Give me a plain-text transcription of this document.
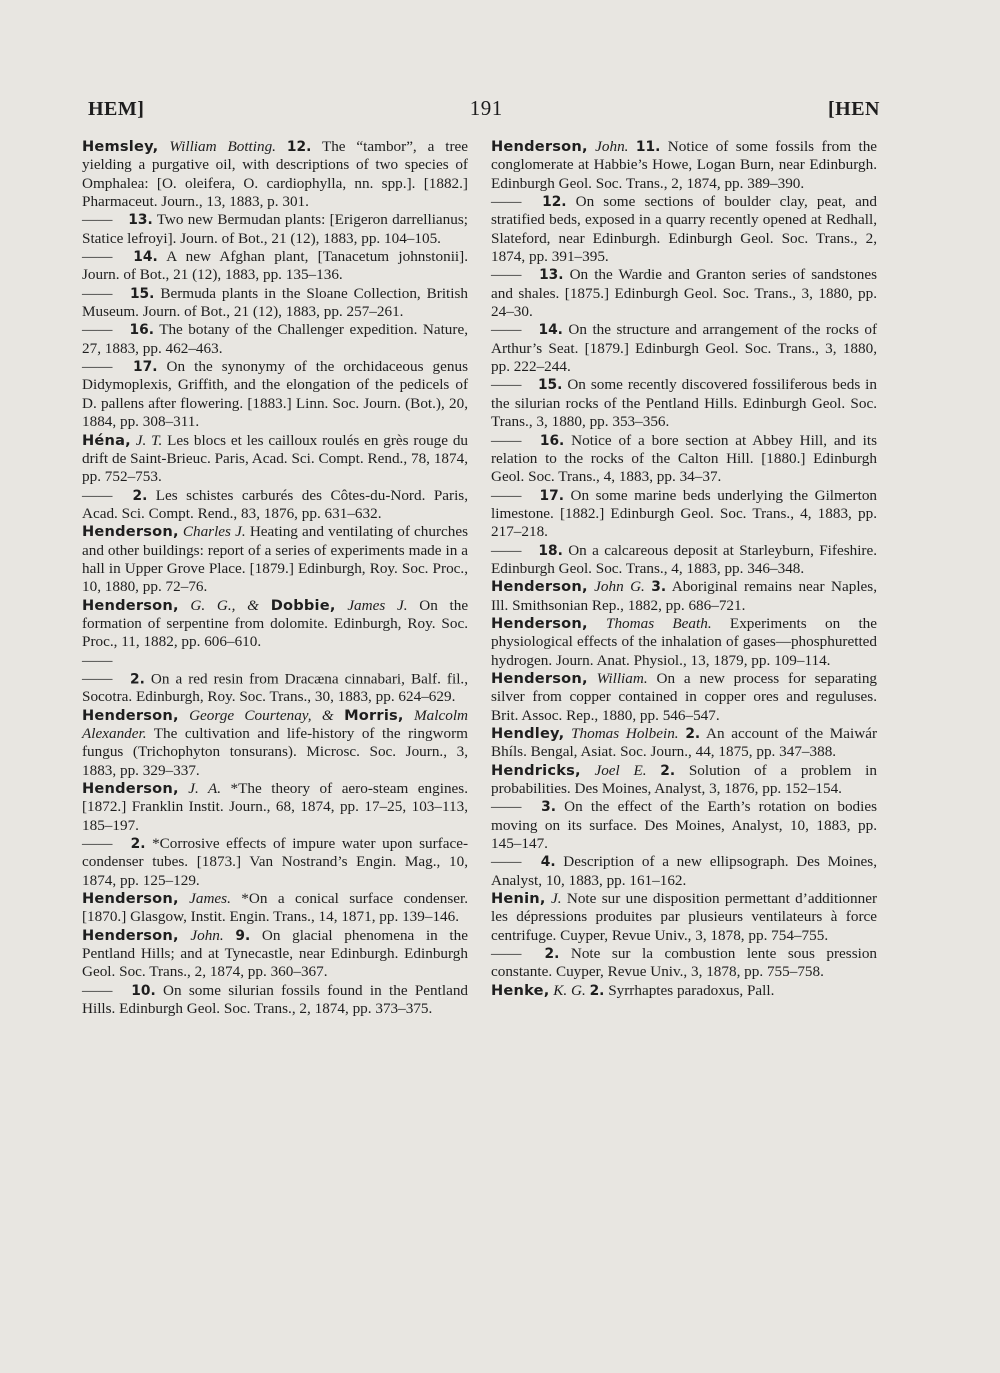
HEM]	191	[HEN

Hemsley, William Botting. 12. The “tambor”, a tree yielding a purgative oil, with descriptions of two species of Omphalea: [O. oleifera, O. cardiophylla, nn. spp.]. [1882.] Pharmaceut. Journ., 13, 1883, p. 301.

—— 13. Two new Bermudan plants: [Erigeron darrellianus; Statice lefroyi]. Journ. of Bot., 21 (12), 1883, pp. 104–105.

—— 14. A new Afghan plant, [Tanacetum johnstonii]. Journ. of Bot., 21 (12), 1883, pp. 135–136.

—— 15. Bermuda plants in the Sloane Collection, British Museum. Journ. of Bot., 21 (12), 1883, pp. 257–261.

—— 16. The botany of the Challenger expedition. Nature, 27, 1883, pp. 462–463.

—— 17. On the synonymy of the orchidaceous genus Didymoplexis, Griffith, and the elongation of the pedicels of D. pallens after flowering. [1883.] Linn. Soc. Journ. (Bot.), 20, 1884, pp. 308–311.

Héna, J. T. Les blocs et les cailloux roulés en grès rouge du drift de Saint-Brieuc. Paris, Acad. Sci. Compt. Rend., 78, 1874, pp. 752–753.

—— 2. Les schistes carburés des Côtes-du-Nord. Paris, Acad. Sci. Compt. Rend., 83, 1876, pp. 631–632.

Henderson, Charles J. Heating and ventilating of churches and other buildings: report of a series of experiments made in a hall in Upper Grove Place. [1879.] Edinburgh, Roy. Soc. Proc., 10, 1880, pp. 72–76.

Henderson, G. G., & Dobbie, James J. On the formation of serpentine from dolomite. Edinburgh, Roy. Soc. Proc., 11, 1882, pp. 606–610.

—— —— 2. On a red resin from Dracæna cinnabari, Balf. fil., Socotra. Edinburgh, Roy. Soc. Trans., 30, 1883, pp. 624–629.

Henderson, George Courtenay, & Morris, Malcolm Alexander. The cultivation and life-history of the ringworm fungus (Trichophyton tonsurans). Microsc. Soc. Journ., 3, 1883, pp. 329–337.

Henderson, J. A. *The theory of aero-steam engines. [1872.] Franklin Instit. Journ., 68, 1874, pp. 17–25, 103–113, 185–197.

—— 2. *Corrosive effects of impure water upon surface-condenser tubes. [1873.] Van Nostrand’s Engin. Mag., 10, 1874, pp. 125–129.

Henderson, James. *On a conical surface condenser. [1870.] Glasgow, Instit. Engin. Trans., 14, 1871, pp. 139–146.

Henderson, John. 9. On glacial phenomena in the Pentland Hills; and at Tynecastle, near Edinburgh. Edinburgh Geol. Soc. Trans., 2, 1874, pp. 360–367.

—— 10. On some silurian fossils found in the Pentland Hills. Edinburgh Geol. Soc. Trans., 2, 1874, pp. 373–375.

Henderson, John. 11. Notice of some fossils from the conglomerate at Habbie’s Howe, Logan Burn, near Edinburgh. Edinburgh Geol. Soc. Trans., 2, 1874, pp. 389–390.

—— 12. On some sections of boulder clay, peat, and stratified beds, exposed in a quarry recently opened at Redhall, Slateford, near Edinburgh. Edinburgh Geol. Soc. Trans., 2, 1874, pp. 391–395.

—— 13. On the Wardie and Granton series of sandstones and shales. [1875.] Edinburgh Geol. Soc. Trans., 3, 1880, pp. 24–30.

—— 14. On the structure and arrangement of the rocks of Arthur’s Seat. [1879.] Edinburgh Geol. Soc. Trans., 3, 1880, pp. 222–244.

—— 15. On some recently discovered fossiliferous beds in the silurian rocks of the Pentland Hills. Edinburgh Geol. Soc. Trans., 3, 1880, pp. 353–356.

—— 16. Notice of a bore section at Abbey Hill, and its relation to the rocks of the Calton Hill. [1880.] Edinburgh Geol. Soc. Trans., 4, 1883, pp. 34–37.

—— 17. On some marine beds underlying the Gilmerton limestone. [1882.] Edinburgh Geol. Soc. Trans., 4, 1883, pp. 217–218.

—— 18. On a calcareous deposit at Starleyburn, Fifeshire. Edinburgh Geol. Soc. Trans., 4, 1883, pp. 346–348.

Henderson, John G. 3. Aboriginal remains near Naples, Ill. Smithsonian Rep., 1882, pp. 686–721.

Henderson, Thomas Beath. Experiments on the physiological effects of the inhalation of gases—phosphuretted hydrogen. Journ. Anat. Physiol., 13, 1879, pp. 109–114.

Henderson, William. On a new process for separating silver from copper contained in copper ores and reguluses. Brit. Assoc. Rep., 1880, pp. 546–547.

Hendley, Thomas Holbein. 2. An account of the Maiwár Bhíls. Bengal, Asiat. Soc. Journ., 44, 1875, pp. 347–388.

Hendricks, Joel E. 2. Solution of a problem in probabilities. Des Moines, Analyst, 3, 1876, pp. 152–154.

—— 3. On the effect of the Earth’s rotation on bodies moving on its surface. Des Moines, Analyst, 10, 1883, pp. 145–147.

—— 4. Description of a new ellipsograph. Des Moines, Analyst, 10, 1883, pp. 161–162.

Henin, J. Note sur une disposition permettant d’additionner les dépressions produites par plusieurs ventilateurs à force centrifuge. Cuyper, Revue Univ., 3, 1878, pp. 754–755.

—— 2. Note sur la combustion lente sous pression constante. Cuyper, Revue Univ., 3, 1878, pp. 755–758.

Henke, K. G. 2. Syrrhaptes paradoxus, Pall.
